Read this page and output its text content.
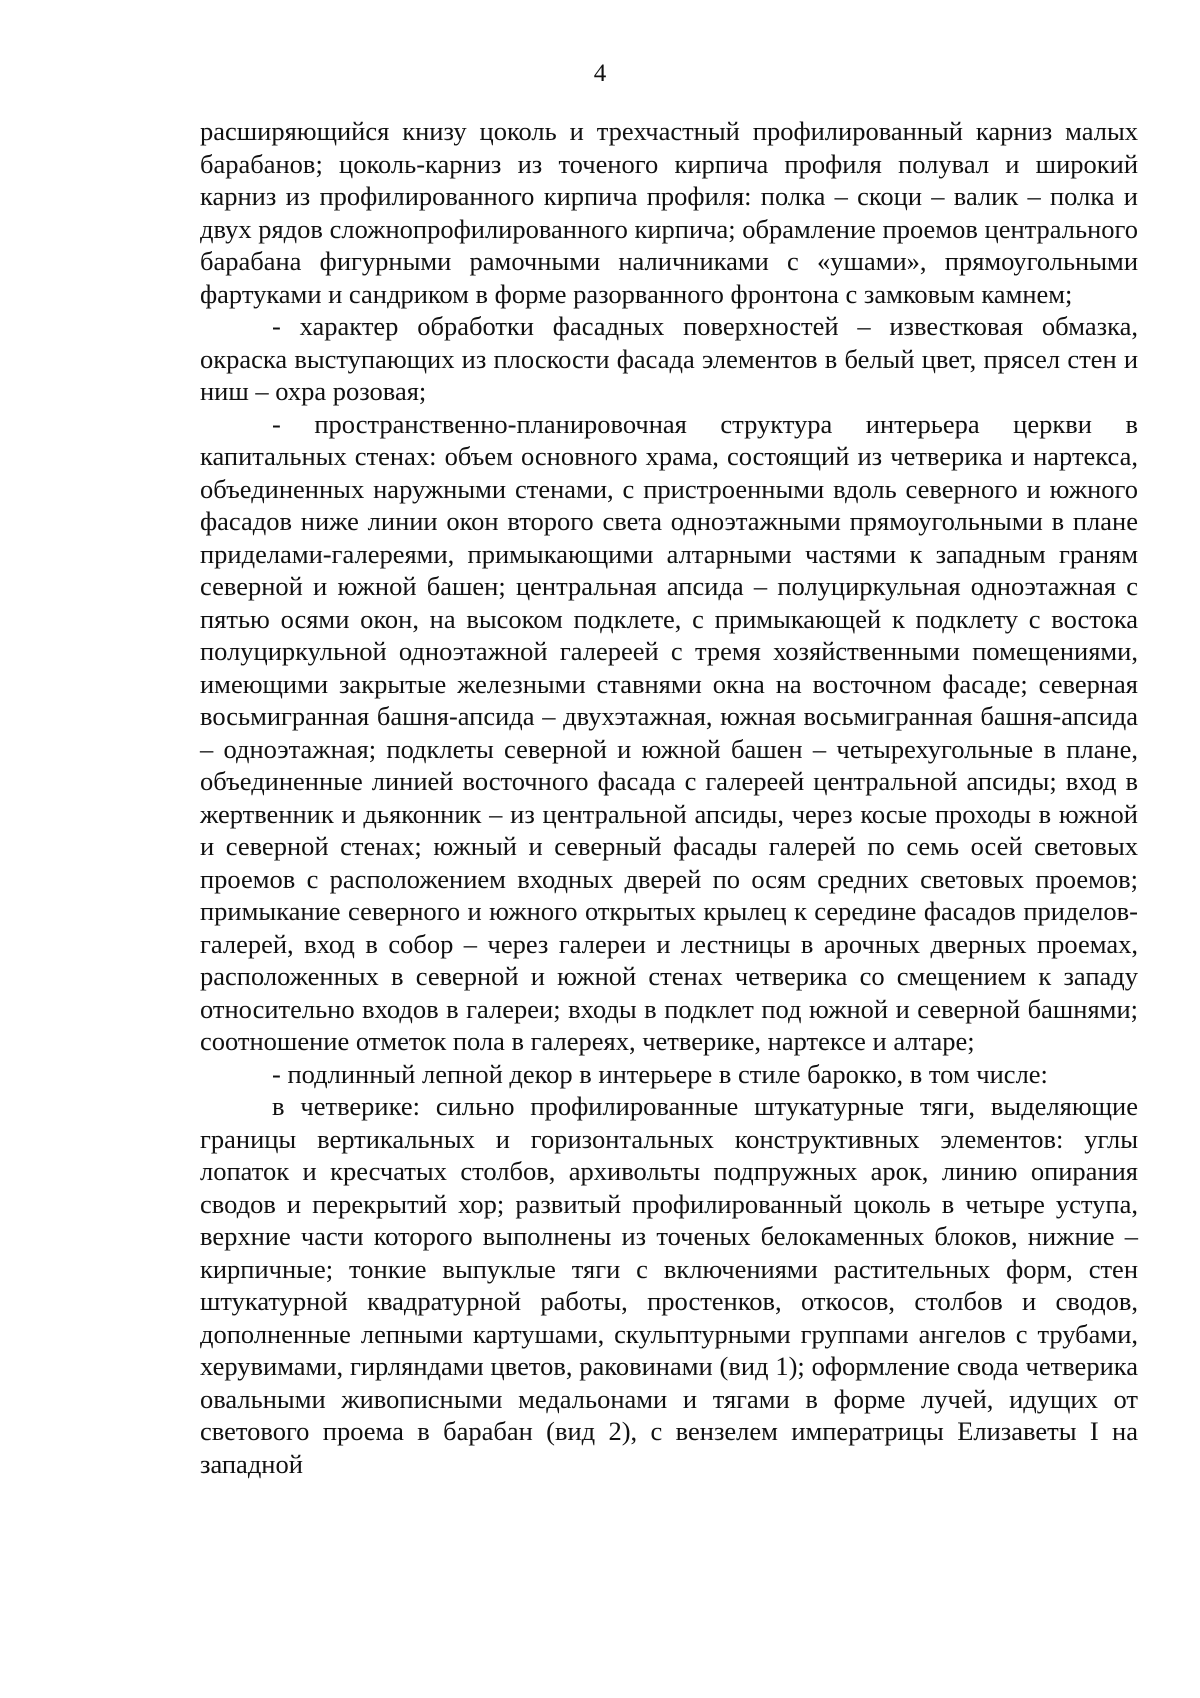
4

расширяющийся книзу цоколь и трехчастный профилированный карниз малых барабанов; цоколь-карниз из точеного кирпича профиля полувал и широкий карниз из профилированного кирпича профиля: полка – скоци – валик – полка и двух рядов сложнопрофилированного кирпича; обрамление проемов центрального барабана фигурными рамочными наличниками с «ушами», прямоугольными фартуками и сандриком в форме разорванного фронтона с замковым камнем;

- характер обработки фасадных поверхностей – известковая обмазка, окраска выступающих из плоскости фасада элементов в белый цвет, прясел стен и ниш – охра розовая;

- пространственно-планировочная структура интерьера церкви в капитальных стенах: объем основного храма, состоящий из четверика и нартекса, объединенных наружными стенами, с пристроенными вдоль северного и южного фасадов ниже линии окон второго света одноэтажными прямоугольными в плане приделами-галереями, примыкающими алтарными частями к западным граням северной и южной башен; центральная апсида – полуциркульная одноэтажная с пятью осями окон, на высоком подклете, с примыкающей к подклету с востока полуциркульной одноэтажной галереей с тремя хозяйственными помещениями, имеющими закрытые железными ставнями окна на восточном фасаде; северная восьмигранная башня-апсида – двухэтажная, южная восьмигранная башня-апсида – одноэтажная; подклеты северной и южной башен – четырехугольные в плане, объединенные линией восточного фасада с галереей центральной апсиды; вход в жертвенник и дьяконник – из центральной апсиды, через косые проходы в южной и северной стенах; южный и северный фасады галерей по семь осей световых проемов с расположением входных дверей по осям средних световых проемов; примыкание северного и южного открытых крылец к середине фасадов приделов-галерей, вход в собор – через галереи и лестницы в арочных дверных проемах, расположенных в северной и южной стенах четверика со смещением к западу относительно входов в галереи; входы в подклет под южной и северной башнями; соотношение отметок пола в галереях, четверике, нартексе и алтаре;

- подлинный лепной декор в интерьере в стиле барокко, в том числе:

в четверике: сильно профилированные штукатурные тяги, выделяющие границы вертикальных и горизонтальных конструктивных элементов: углы лопаток и кресчатых столбов, архивольты подпружных арок, линию опирания сводов и перекрытий хор; развитый профилированный цоколь в четыре уступа, верхние части которого выполнены из точеных белокаменных блоков, нижние – кирпичные; тонкие выпуклые тяги с включениями растительных форм, стен штукатурной квадратурной работы, простенков, откосов, столбов и сводов, дополненные лепными картушами, скульптурными группами ангелов с трубами, херувимами, гирляндами цветов, раковинами (вид 1); оформление свода четверика овальными живописными медальонами и тягами в форме лучей, идущих от светового проема в барабан (вид 2), с вензелем императрицы Елизаветы I на западной
